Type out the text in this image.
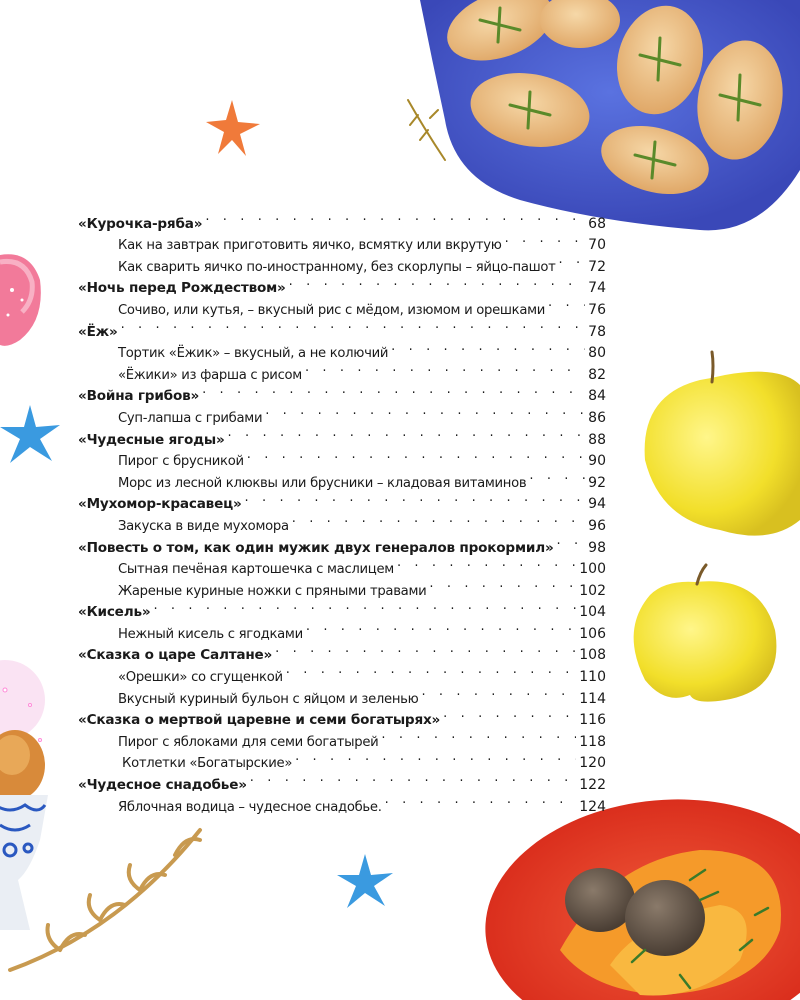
«Курочка-ряба» . . .	68
Как на завтрак приготовить яичко, всмятку или вкрутую . . .	70
Как сварить яичко по-иностранному, без скорлупы – яйцо-пашот . . . 72
«Ночь перед Рождеством» . . .	74
Сочиво, или кутья, – вкусный рис с мёдом, изюмом и орешками . . .	76
«Ёж» . . .	78
Тортик «Ёжик» – вкусный, а не колючий . . .	80
«Ёжики» из фарша с рисом . . .	82
«Война грибов» . . .	84
Суп-лапша с грибами . . .	86
«Чудесные ягоды» . . .	88
Пирог с брусникой . . .	90
Морс из лесной клюквы или брусники – кладовая витаминов . . .	92
«Мухомор-красавец» . . .	94
Закуска в виде мухомора . . .	96
«Повесть о том, как один мужик двух генералов прокормил» . . . 98
Сытная печёная картошечка с маслицем . . .	100
Жареные куриные ножки с пряными травами . . .	102
«Кисель» . . .	104
Нежный кисель с ягодками . . .	106
«Сказка о царе Салтане» . . .	108
«Орешки» со сгущенкой . . .	110
Вкусный куриный бульон с яйцом и зеленью . . .	114
«Сказка о мертвой царевне и семи богатырях» . . .	116
Пирог с яблоками для семи богатырей . . .	118
Котлетки «Богатырские» . . .	120
«Чудесное снадобье» . . .	122
Яблочная водица – чудесное снадобье. . . .	124
